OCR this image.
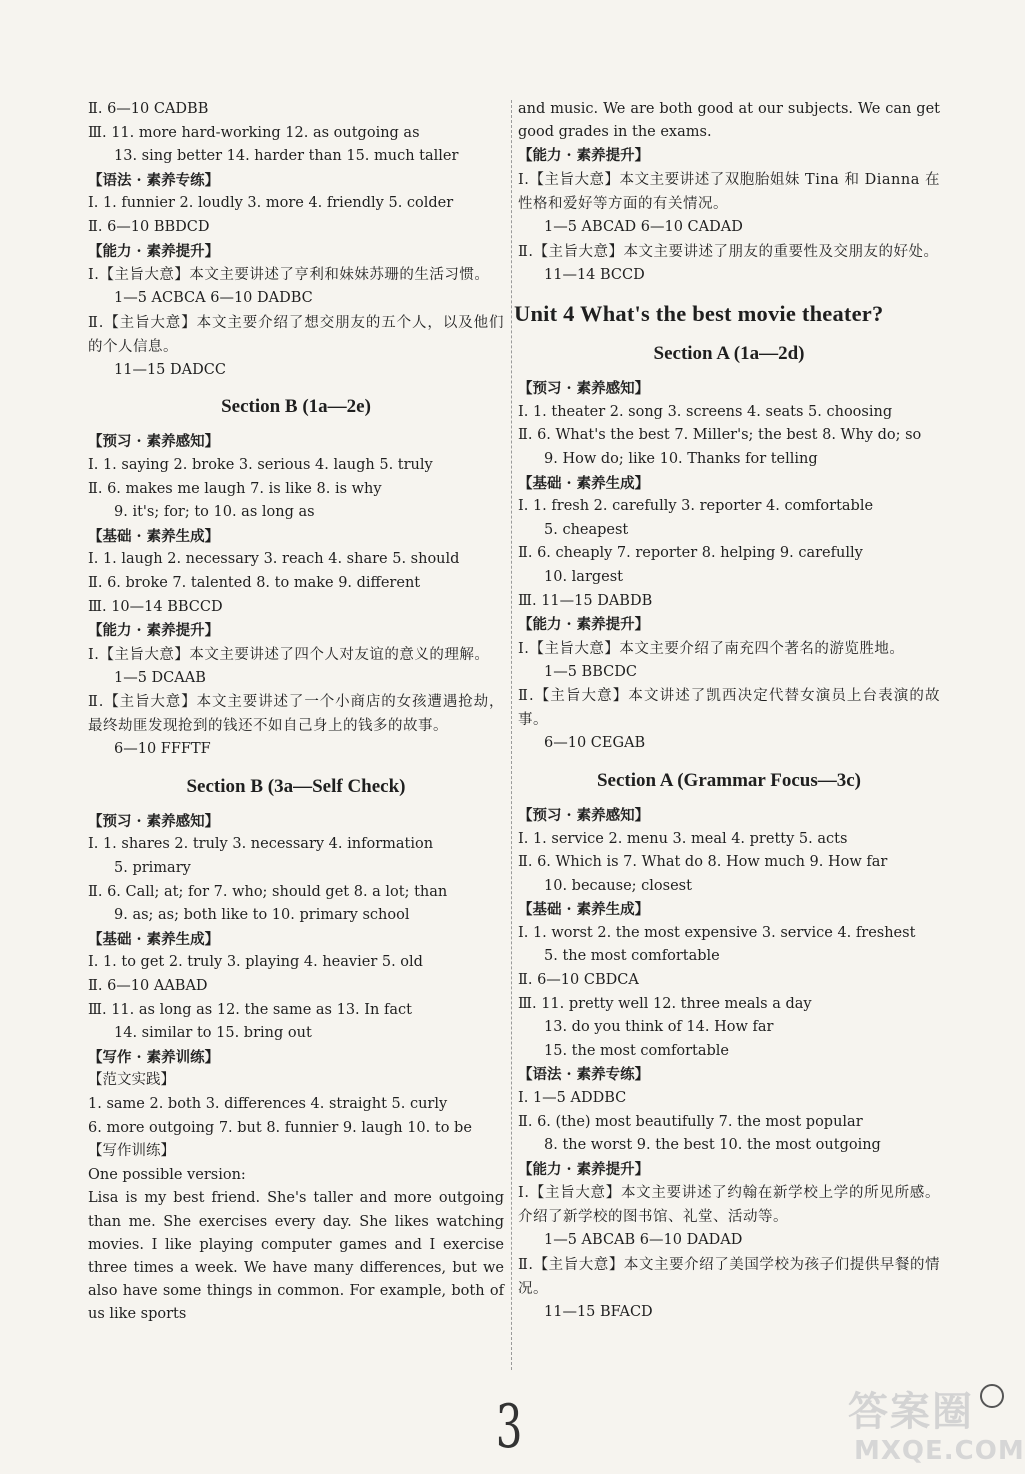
Ⅱ. 6—10 CADBB
Ⅲ. 11. more hard-working 12. as outgoing as
13. sing better 14. harder than 15. much taller
【语法 · 素养专练】
Ⅰ. 1. funnier 2. loudly 3. more 4. friendly 5. colder
Ⅱ. 6—10 BBDCD
【能力 · 素养提升】
Ⅰ.【主旨大意】本文主要讲述了亨利和妹妹苏珊的生活习惯。
1—5 ACBCA 6—10 DADBC
Ⅱ.【主旨大意】本文主要介绍了想交朋友的五个人，以及他们的个人信息。
11—15 DADCC
Section B (1a—2e)
【预习 · 素养感知】
Ⅰ. 1. saying 2. broke 3. serious 4. laugh 5. truly
Ⅱ. 6. makes me laugh 7. is like 8. is why
9. it's; for; to 10. as long as
【基础 · 素养生成】
Ⅰ. 1. laugh 2. necessary 3. reach 4. share 5. should
Ⅱ. 6. broke 7. talented 8. to make 9. different
Ⅲ. 10—14 BBCCD
【能力 · 素养提升】
Ⅰ.【主旨大意】本文主要讲述了四个人对友谊的意义的理解。
1—5 DCAAB
Ⅱ.【主旨大意】本文主要讲述了一个小商店的女孩遭遇抢劫，最终劫匪发现抢到的钱还不如自己身上的钱多的故事。
6—10 FFFTF
Section B (3a—Self Check)
【预习 · 素养感知】
Ⅰ. 1. shares 2. truly 3. necessary 4. information
5. primary
Ⅱ. 6. Call; at; for 7. who; should get 8. a lot; than
9. as; as; both like to 10. primary school
【基础 · 素养生成】
Ⅰ. 1. to get 2. truly 3. playing 4. heavier 5. old
Ⅱ. 6—10 AABAD
Ⅲ. 11. as long as 12. the same as 13. In fact
14. similar to 15. bring out
【写作 · 素养训练】
【范文实践】
1. same 2. both 3. differences 4. straight 5. curly
6. more outgoing 7. but 8. funnier 9. laugh 10. to be
【写作训练】
One possible version:
Lisa is my best friend. She's taller and more outgoing than me. She exercises every day. She likes watching movies. I like playing computer games and I exercise three times a week. We have many differences, but we also have some things in common. For example, both of us like sports
and music. We are both good at our subjects. We can get good grades in the exams.
【能力 · 素养提升】
Ⅰ.【主旨大意】本文主要讲述了双胞胎姐妹 Tina 和 Dianna 在性格和爱好等方面的有关情况。
1—5 ABCAD 6—10 CADAD
Ⅱ.【主旨大意】本文主要讲述了朋友的重要性及交朋友的好处。
11—14 BCCD
Unit 4 What's the best movie theater?
Section A (1a—2d)
【预习 · 素养感知】
Ⅰ. 1. theater 2. song 3. screens 4. seats 5. choosing
Ⅱ. 6. What's the best 7. Miller's; the best 8. Why do; so
9. How do; like 10. Thanks for telling
【基础 · 素养生成】
Ⅰ. 1. fresh 2. carefully 3. reporter 4. comfortable
5. cheapest
Ⅱ. 6. cheaply 7. reporter 8. helping 9. carefully
10. largest
Ⅲ. 11—15 DABDB
【能力 · 素养提升】
Ⅰ.【主旨大意】本文主要介绍了南充四个著名的游览胜地。
1—5 BBCDC
Ⅱ.【主旨大意】本文讲述了凯西决定代替女演员上台表演的故事。
6—10 CEGAB
Section A (Grammar Focus—3c)
【预习 · 素养感知】
Ⅰ. 1. service 2. menu 3. meal 4. pretty 5. acts
Ⅱ. 6. Which is 7. What do 8. How much 9. How far
10. because; closest
【基础 · 素养生成】
Ⅰ. 1. worst 2. the most expensive 3. service 4. freshest
5. the most comfortable
Ⅱ. 6—10 CBDCA
Ⅲ. 11. pretty well 12. three meals a day
13. do you think of 14. How far
15. the most comfortable
【语法 · 素养专练】
Ⅰ. 1—5 ADDBC
Ⅱ. 6. (the) most beautifully 7. the most popular
8. the worst 9. the best 10. the most outgoing
【能力 · 素养提升】
Ⅰ.【主旨大意】本文主要讲述了约翰在新学校上学的所见所感。介绍了新学校的图书馆、礼堂、活动等。
1—5 ABCAB 6—10 DADAD
Ⅱ.【主旨大意】本文主要介绍了美国学校为孩子们提供早餐的情况。
11—15 BFACD
3	答案圈
MXQE.COM
